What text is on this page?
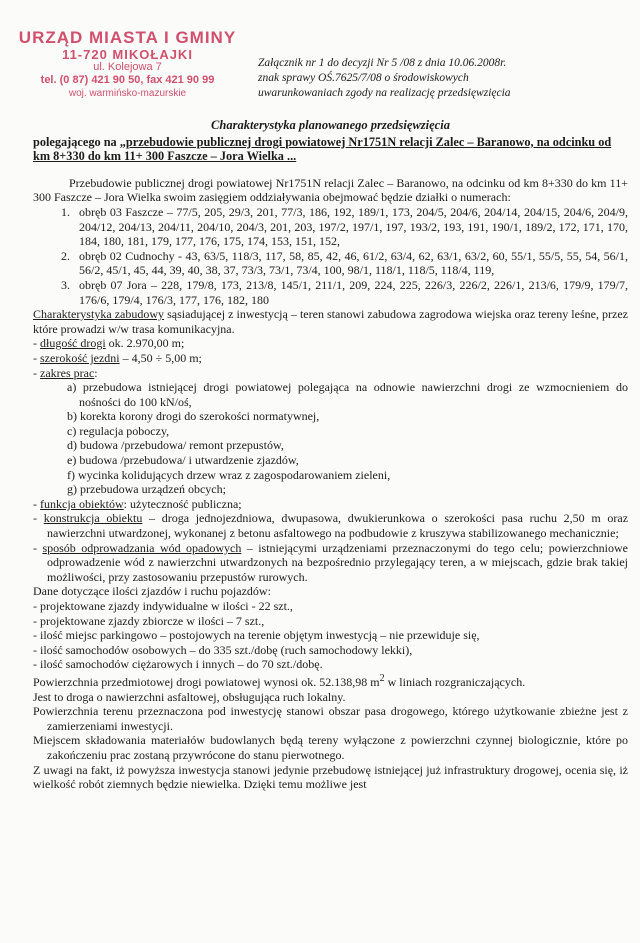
URZĄD MIASTA I GMINY
11-720 MIKOŁAJKI
ul. Kolejowa 7
tel. (0 87) 421 90 50, fax 421 90 99
woj. warmińsko-mazurskie
Załącznik nr 1 do decyzji Nr 5 /08 z dnia 10.06.2008r.
znak sprawy OŚ.7625/7/08 o środowiskowych
uwarunkowaniach zgody na realizację przedsięwzięcia
Charakterystyka planowanego przedsięwzięcia

polegającego na „przebudowie publicznej drogi powiatowej Nr1751N relacji Zalec – Baranowo, na odcinku od km 8+330 do km 11+ 300 Faszcze – Jora Wielka ...

Przebudowie publicznej drogi powiatowej Nr1751N relacji Zalec – Baranowo, na odcinku od km 8+330 do km 11+ 300 Faszcze – Jora Wielka swoim zasięgiem oddziaływania obejmować będzie działki o numerach:

1. obręb 03 Faszcze – 77/5, 205, 29/3, 201, 77/3, 186, 192, 189/1, 173, 204/5, 204/6, 204/14, 204/15, 204/6, 204/9, 204/12, 204/13, 204/11, 204/10, 204/3, 201, 203, 197/2, 197/1, 197, 193/2, 193, 191, 190/1, 189/2, 172, 171, 170, 184, 180, 181, 179, 177, 176, 175, 174, 153, 151, 152,
2. obręb 02 Cudnochy - 43, 63/5, 118/3, 117, 58, 85, 42, 46, 61/2, 63/4, 62, 63/1, 63/2, 60, 55/1, 55/5, 55, 54, 56/1, 56/2, 45/1, 45, 44, 39, 40, 38, 37, 73/3, 73/1, 73/4, 100, 98/1, 118/1, 118/5, 118/4, 119,
3. obręb 07 Jora – 228, 179/8, 173, 213/8, 145/1, 211/1, 209, 224, 225, 226/3, 226/2, 226/1, 213/6, 179/9, 179/7, 176/6, 179/4, 176/3, 177, 176, 182, 180

Charakterystyka zabudowy sąsiadującej z inwestycją – teren stanowi zabudowa zagrodowa wiejska oraz tereny leśne, przez które prowadzi w/w trasa komunikacyjna.

- długość drogi ok. 2.970,00 m;

- szerokość jezdni – 4,50 ÷ 5,00 m;

- zakres prac:

a) przebudowa istniejącej drogi powiatowej polegająca na odnowie nawierzchni drogi ze wzmocnieniem do nośności do 100 kN/oś,
b) korekta korony drogi do szerokości normatywnej,
c) regulacja poboczy,
d) budowa /przebudowa/ remont przepustów,
e) budowa /przebudowa/ i utwardzenie zjazdów,
f) wycinka kolidujących drzew wraz z zagospodarowaniem zieleni,
g) przebudowa urządzeń obcych;

- funkcja obiektów: użyteczność publiczna;

- konstrukcja obiektu – droga jednojezdniowa, dwupasowa, dwukierunkowa o szerokości pasa ruchu 2,50 m oraz nawierzchni utwardzonej, wykonanej z betonu asfaltowego na podbudowie z kruszywa stabilizowanego mechanicznie;

- sposób odprowadzania wód opadowych – istniejącymi urządzeniami przeznaczonymi do tego celu; powierzchniowe odprowadzenie wód z nawierzchni utwardzonych na bezpośrednio przylegający teren, a w miejscach, gdzie brak takiej możliwości, przy zastosowaniu przepustów rurowych.

Dane dotyczące ilości zjazdów i ruchu pojazdów:

- projektowane zjazdy indywidualne w ilości - 22 szt.,

- projektowane zjazdy zbiorcze w ilości – 7 szt.,

- ilość miejsc parkingowo – postojowych na terenie objętym inwestycją – nie przewiduje się,

- ilość samochodów osobowych – do 335 szt./dobę (ruch samochodowy lekki),

- ilość samochodów ciężarowych i innych – do 70 szt./dobę.

Powierzchnia przedmiotowej drogi powiatowej wynosi ok. 52.138,98 $m^2$ w liniach rozgraniczających.

Jest to droga o nawierzchni asfaltowej, obsługująca ruch lokalny.

Powierzchnia terenu przeznaczona pod inwestycję stanowi obszar pasa drogowego, którego użytkowanie zbieżne jest z zamierzeniami inwestycji.

Miejscem składowania materiałów budowlanych będą tereny wyłączone z powierzchni czynnej biologicznie, które po zakończeniu prac zostaną przywrócone do stanu pierwotnego.

Z uwagi na fakt, iż powyższa inwestycja stanowi jedynie przebudowę istniejącej już infrastruktury drogowej, ocenia się, iż wielkość robót ziemnych będzie niewielka. Dzięki temu możliwe jest
